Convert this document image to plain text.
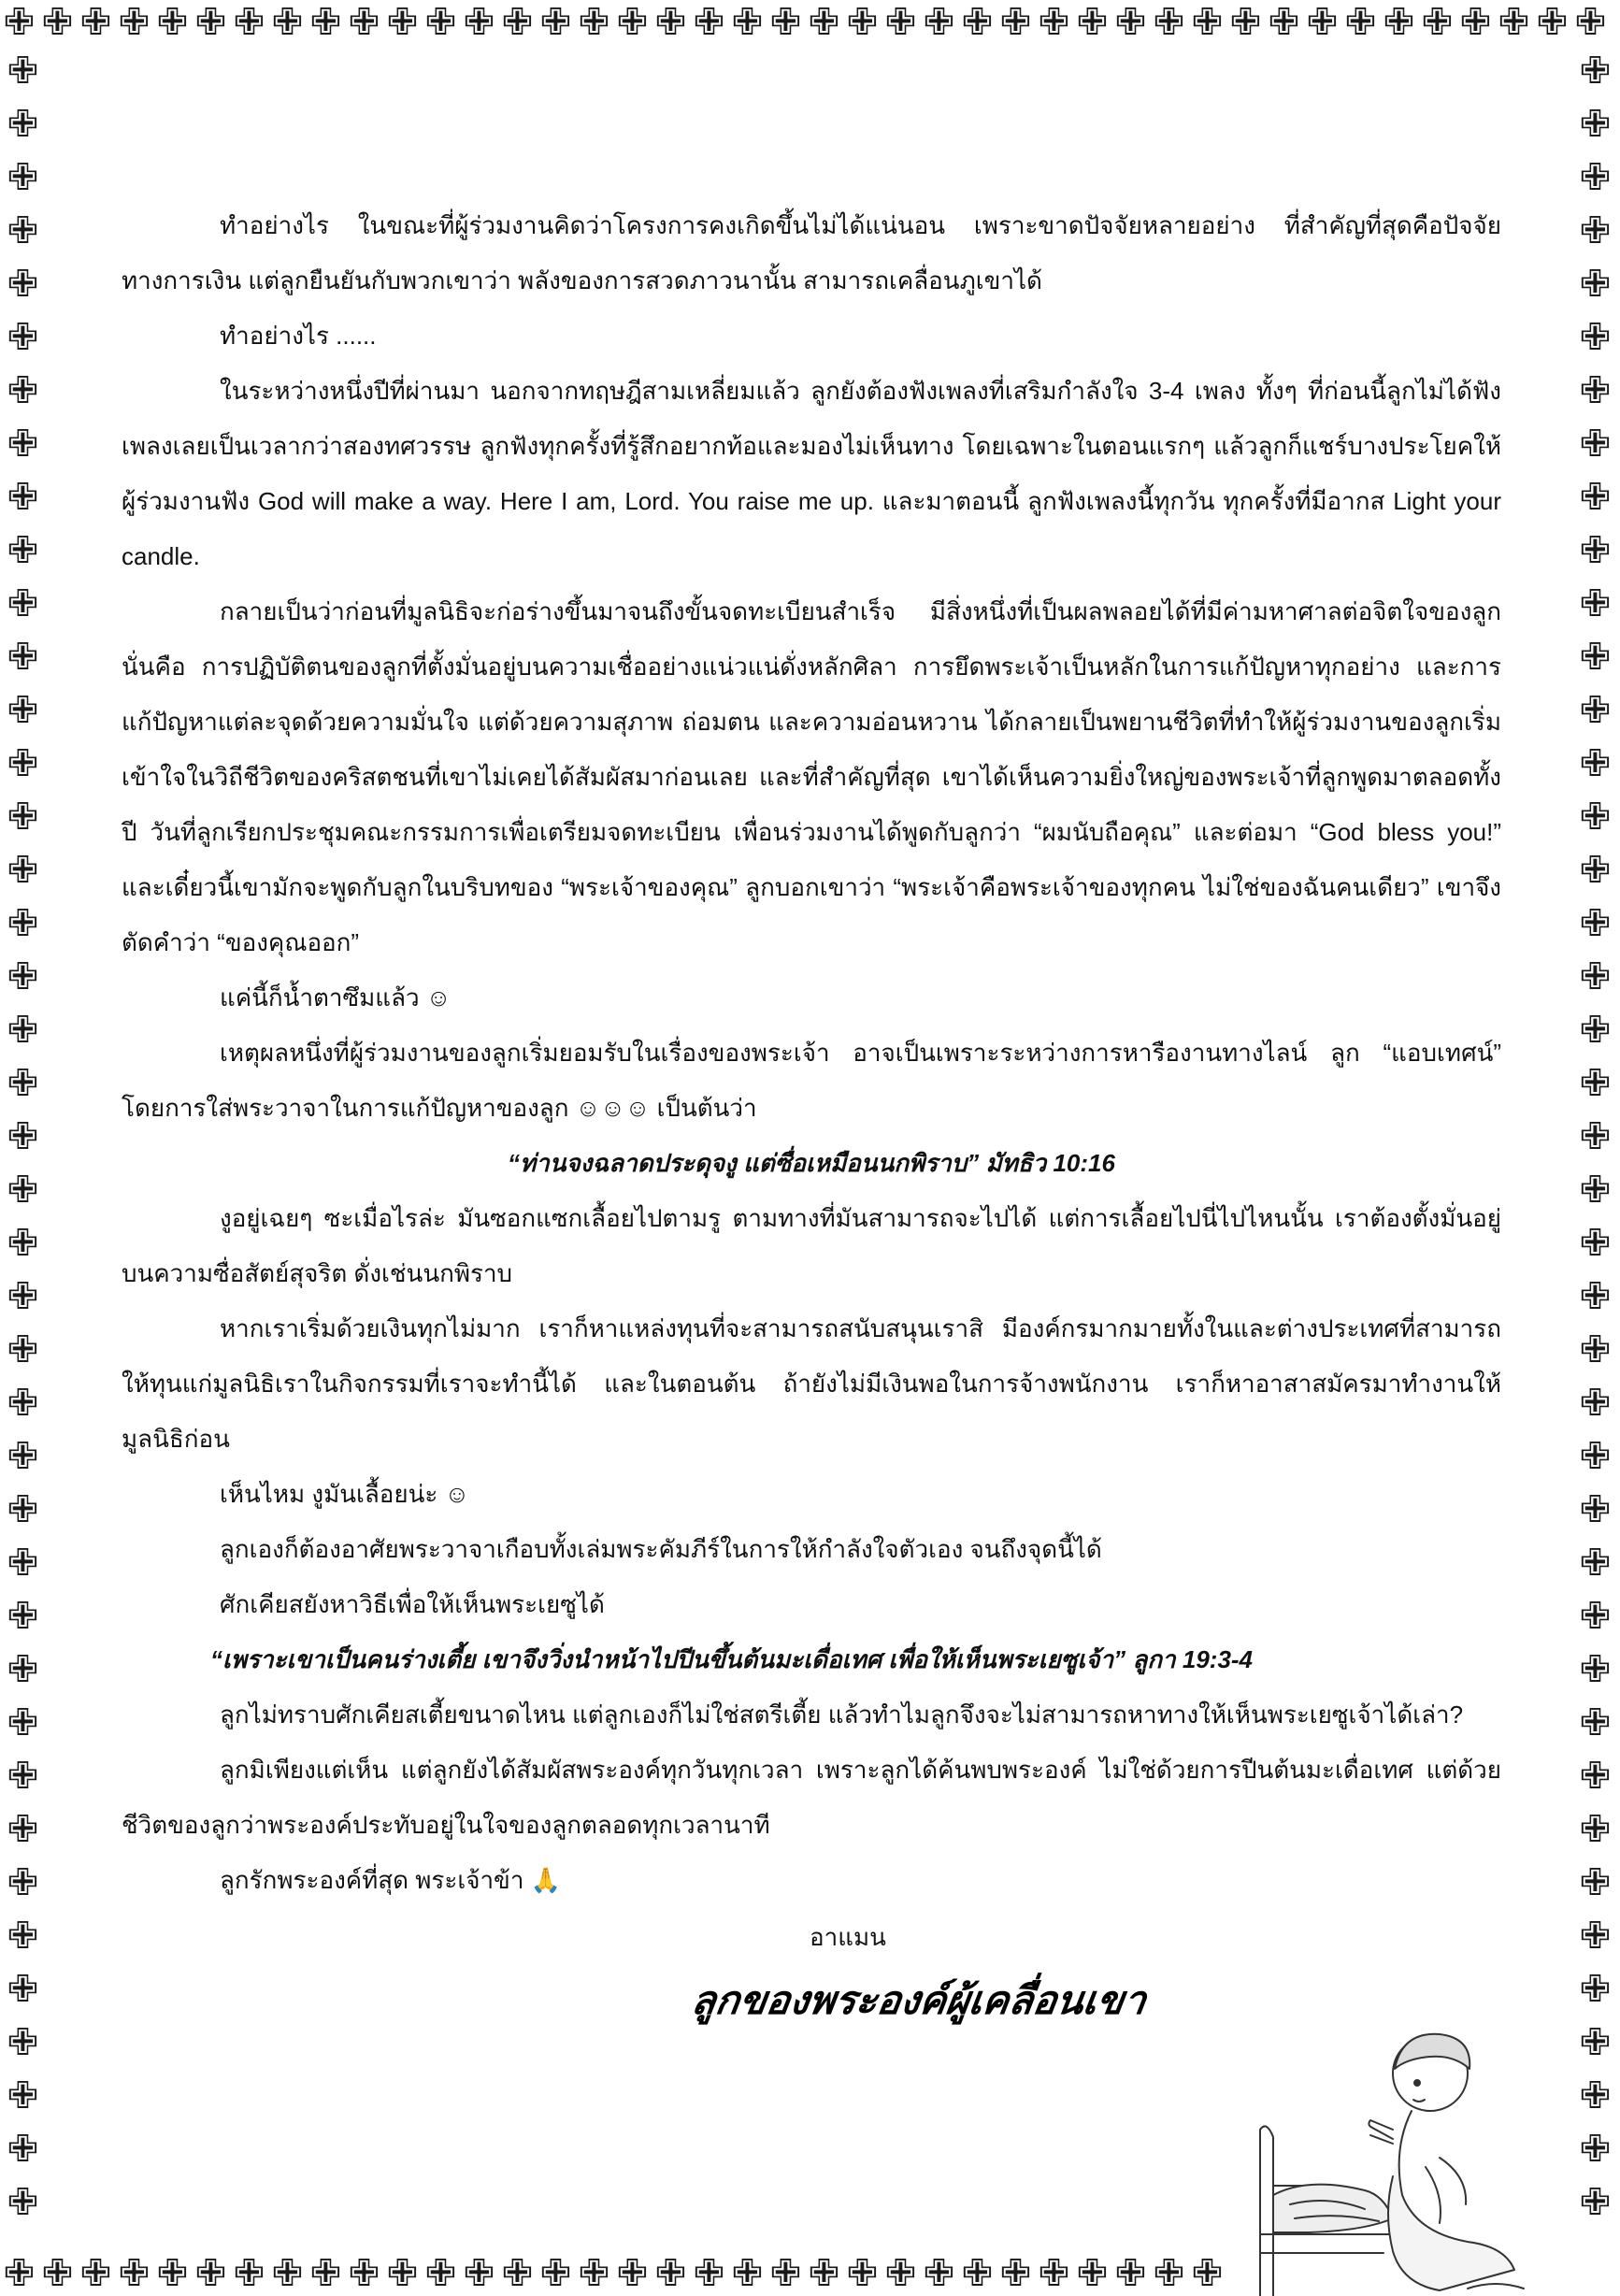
✙ ✙ ✙ ✙ ✙ ✙ ✙ ✙ ✙ ✙ ✙ ✙ ✙ ✙ ✙ ✙ ✙ ✙ ✙ ✙ ✙ ✙ ✙ ✙ ✙ ✙ ✙ ✙ ✙ ✙ ✙ ✙ ✙ ✙ ✙ ✙ ✙ ✙ ✙ ✙ ✙ ✙
✙
✙
✙
✙
✙
✙
✙
✙
✙
✙
✙
✙
✙
✙
✙
✙
✙
✙
✙
✙
✙
✙
✙
✙
✙
✙
✙
✙
✙
✙
✙
✙
✙
✙
✙
✙
✙
✙
✙
✙
✙
✙
✙
✙
✙
✙
✙
✙
✙
✙
✙
✙
✙
✙
✙
✙
✙
✙
✙
✙
✙
✙
✙
✙
✙
✙
✙
✙
✙
✙
✙
✙
✙
✙
✙
✙
✙
✙
✙
✙
✙
✙
✙ ✙ ✙ ✙ ✙ ✙ ✙ ✙ ✙ ✙ ✙ ✙ ✙ ✙ ✙ ✙ ✙ ✙ ✙ ✙ ✙ ✙ ✙ ✙ ✙ ✙ ✙ ✙ ✙ ✙ ✙ ✙

ทำอย่างไร ในขณะที่ผู้ร่วมงานคิดว่าโครงการคงเกิดขึ้นไม่ได้แน่นอน เพราะขาดปัจจัยหลายอย่าง ที่สำคัญที่สุดคือปัจจัยทางการเงิน แต่ลูกยืนยันกับพวกเขาว่า พลังของการสวดภาวนานั้น สามารถเคลื่อนภูเขาได้

ทำอย่างไร ......

ในระหว่างหนึ่งปีที่ผ่านมา นอกจากทฤษฎีสามเหลี่ยมแล้ว ลูกยังต้องฟังเพลงที่เสริมกำลังใจ 3-4 เพลง ทั้งๆ ที่ก่อนนี้ลูกไม่ได้ฟังเพลงเลยเป็นเวลากว่าสองทศวรรษ ลูกฟังทุกครั้งที่รู้สึกอยากท้อและมองไม่เห็นทาง โดยเฉพาะในตอนแรกๆ แล้วลูกก็แชร์บางประโยคให้ผู้ร่วมงานฟัง God will make a way. Here I am, Lord. You raise me up. และมาตอนนี้ ลูกฟังเพลงนี้ทุกวัน ทุกครั้งที่มีอากส Light your candle.

กลายเป็นว่าก่อนที่มูลนิธิจะก่อร่างขึ้นมาจนถึงขั้นจดทะเบียนสำเร็จ มีสิ่งหนึ่งที่เป็นผลพลอยได้ที่มีค่ามหาศาลต่อจิตใจของลูก นั่นคือ การปฏิบัติตนของลูกที่ตั้งมั่นอยู่บนความเชื่ออย่างแน่วแน่ดั่งหลักศิลา การยึดพระเจ้าเป็นหลักในการแก้ปัญหาทุกอย่าง และการแก้ปัญหาแต่ละจุดด้วยความมั่นใจ แต่ด้วยความสุภาพ ถ่อมตน และความอ่อนหวาน ได้กลายเป็นพยานชีวิตที่ทำให้ผู้ร่วมงานของลูกเริ่มเข้าใจในวิถีชีวิตของคริสตชนที่เขาไม่เคยได้สัมผัสมาก่อนเลย และที่สำคัญที่สุด เขาได้เห็นความยิ่งใหญ่ของพระเจ้าที่ลูกพูดมาตลอดทั้งปี วันที่ลูกเรียกประชุมคณะกรรมการเพื่อเตรียมจดทะเบียน เพื่อนร่วมงานได้พูดกับลูกว่า “ผมนับถือคุณ” และต่อมา “God bless you!” และเดี๋ยวนี้เขามักจะพูดกับลูกในบริบทของ “พระเจ้าของคุณ” ลูกบอกเขาว่า “พระเจ้าคือพระเจ้าของทุกคน ไม่ใช่ของฉันคนเดียว” เขาจึงตัดคำว่า “ของคุณออก”

แค่นี้ก็น้ำตาซึมแล้ว ☺

เหตุผลหนึ่งที่ผู้ร่วมงานของลูกเริ่มยอมรับในเรื่องของพระเจ้า อาจเป็นเพราะระหว่างการหารืองานทางไลน์ ลูก “แอบเทศน์” โดยการใส่พระวาจาในการแก้ปัญหาของลูก ☺☺☺ เป็นต้นว่า

“ท่านจงฉลาดประดุจงู แต่ซื่อเหมือนนกพิราบ” มัทธิว 10:16

งูอยู่เฉยๆ ซะเมื่อไรล่ะ มันซอกแซกเลื้อยไปตามรู ตามทางที่มันสามารถจะไปได้ แต่การเลื้อยไปนี่ไปไหนนั้น เราต้องตั้งมั่นอยู่บนความซื่อสัตย์สุจริต ดั่งเช่นนกพิราบ

หากเราเริ่มด้วยเงินทุกไม่มาก เราก็หาแหล่งทุนที่จะสามารถสนับสนุนเราสิ มีองค์กรมากมายทั้งในและต่างประเทศที่สามารถให้ทุนแก่มูลนิธิเราในกิจกรรมที่เราจะทำนี้ได้ และในตอนต้น ถ้ายังไม่มีเงินพอในการจ้างพนักงาน เราก็หาอาสาสมัครมาทำงานให้มูลนิธิก่อน

เห็นไหม งูมันเลื้อยน่ะ ☺

ลูกเองก็ต้องอาศัยพระวาจาเกือบทั้งเล่มพระคัมภีร์ในการให้กำลังใจตัวเอง จนถึงจุดนี้ได้

ศักเคียสยังหาวิธีเพื่อให้เห็นพระเยซูได้

“เพราะเขาเป็นคนร่างเตี้ย เขาจึงวิ่งนำหน้าไปปีนขึ้นต้นมะเดื่อเทศ เพื่อให้เห็นพระเยซูเจ้า” ลูกา 19:3-4

ลูกไม่ทราบศักเคียสเตี้ยขนาดไหน แต่ลูกเองก็ไม่ใช่สตรีเตี้ย แล้วทำไมลูกจึงจะไม่สามารถหาทางให้เห็นพระเยซูเจ้าได้เล่า?

ลูกมิเพียงแต่เห็น แต่ลูกยังได้สัมผัสพระองค์ทุกวันทุกเวลา เพราะลูกได้ค้นพบพระองค์ ไม่ใช่ด้วยการปีนต้นมะเดื่อเทศ แต่ด้วยชีวิตของลูกว่าพระองค์ประทับอยู่ในใจของลูกตลอดทุกเวลานาที

ลูกรักพระองค์ที่สุด พระเจ้าข้า 🙏

อาแมน

ลูกของพระองค์ผู้เคลื่อนเขา
